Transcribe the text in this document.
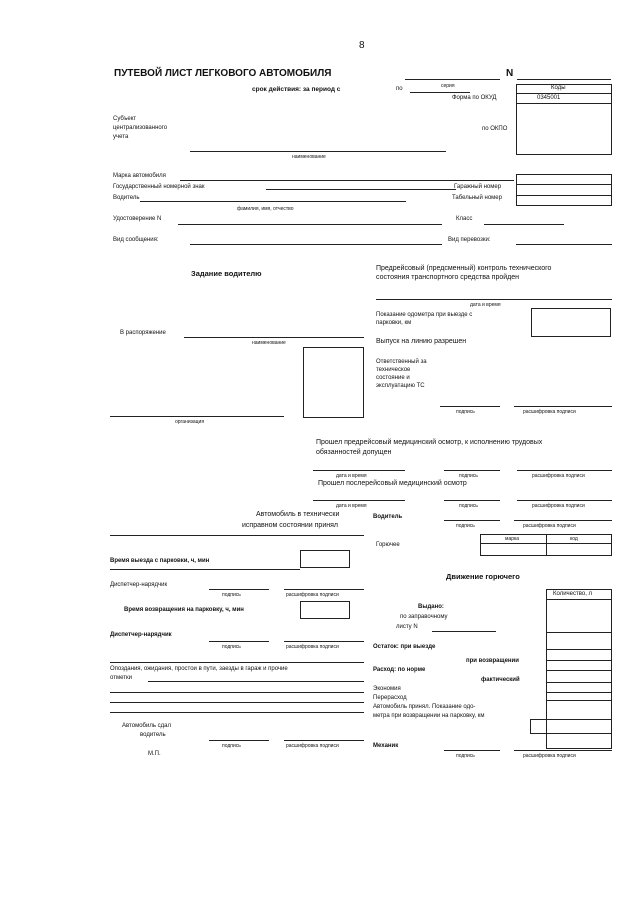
8
ПУТЕВОЙ ЛИСТ ЛЕГКОВОГО АВТОМОБИЛЯ
серия
N
срок действия: за период с	по	Коды
Форма по ОКУД	0345001
по ОКПО
Субъект
централизованного
учета
наименование
Марка автомобиля
Государственный номерной знак	Гаражный номер
Водитель	Табельный номер
фамилия, имя, отчество
Удостоверение N	Класс
Вид сообщения:	Вид перевозки:
Задание водителю
В распоряжение
наименование
организация
Предрейсовый (предсменный) контроль технического
состояния транспортного средства пройден
дата и время
Показание одометра при выезде с
парковки, км
Выпуск на линию разрешен
Ответственный за
техническое
состояние и
эксплуатацию ТС
подпись	расшифровка подписи
Прошел предрейсовый медицинский осмотр, к исполнению трудовых
обязанностей допущен
дата и время	подпись	расшифровка подписи
Прошел послерейсовый медицинский осмотр
дата и время	подпись	расшифровка подписи
Автомобиль в технически
исправном состоянии принял
Водитель
подпись	расшифровка подписи
Горючее
марка	код
Время выезда с парковки, ч, мин
Движение горючего
Диспетчер-нарядчик
подпись	расшифровка подписи	Количество, л
Время возвращения на парковку, ч, мин	Выдано:
по заправочному
листу N
Диспетчер-нарядчик
подпись	расшифровка подписи	Остаток: при выезде
при возвращении
Опоздания, ожидания, простои в пути, заезды в гараж и прочие
отметки
Расход: по норме
фактический
Экономия
Перерасход
Автомобиль принял. Показание одо-
метра при возвращении на парковку, км
Автомобиль сдал
водитель
подпись	расшифровка подписи
М.П.
Механик
подпись	расшифровка подписи
